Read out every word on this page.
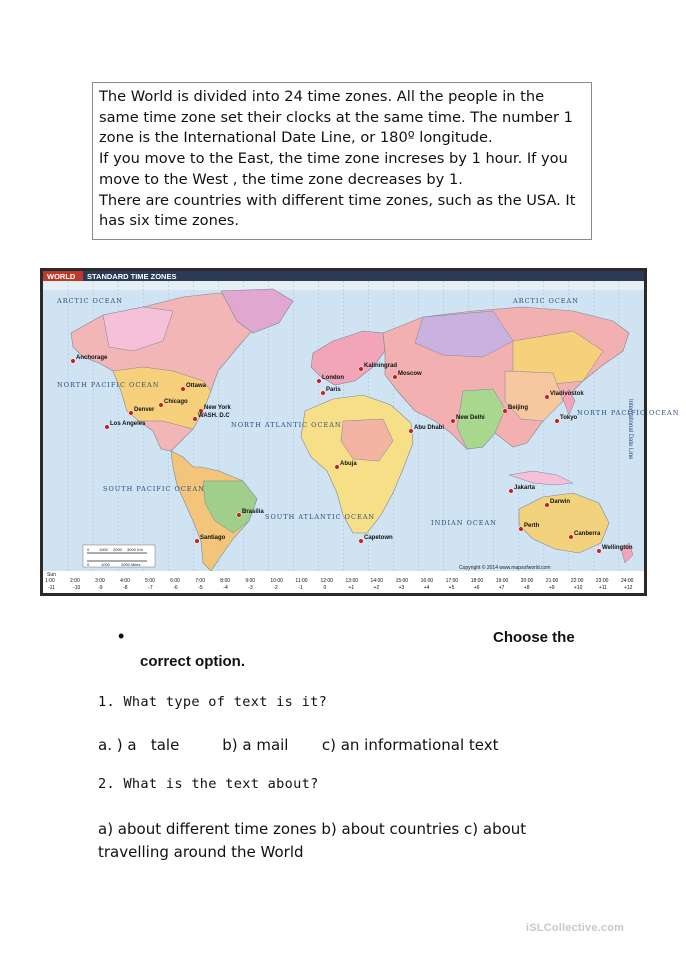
The World is divided into 24 time zones. All the people in the same time zone set their clocks at the same time. The number 1 zone is the International Date Line, or 180º longitude.

If you move to the East, the time zone increses by 1 hour. If you move to the West , the time zone decreases by 1.

There are countries with different time zones, such as the USA. It has six time zones.

WORLD STANDARD TIME ZONES
ARCTIC OCEAN	ARCTIC OCEAN
NORTH PACIFIC OCEAN
NORTH PACIFIC OCEAN
NORTH ATLANTIC OCEAN
SOUTH PACIFIC OCEAN
SOUTH ATLANTIC OCEAN
INDIAN OCEAN
International Date Line
Anchorage
Ottawa
Chicago
Denver	New York
WASH. D.C
Los Angeles
London
Paris
Kaliningrad
Moscow
Abuja
Abu Dhabi
New Delhi
Beijing
Tokyo
Vladivostok
Jakarta
Darwin
Perth
Canberra
Wellington
Brasilia
Santiago	Capetown
0 1000 2000 3000 Km
0	1000	2000 Miles
Copyright © 2014 www.mapsofworld.com
Sun
1:00
-11
2:00
-10
3:00
-9
4:00
-8
5:00
-7
6:00
-6
7:00
-5
8:00
-4
9:00
-3
10:00
-2
11:00
-1
12:00
0
13:00
+1
14:00
+2
15:00
+3
16:00
+4
17:00
+5
18:00
+6
19:00
+7
20:00
+8
21:00
+9
22:00
+10
23:00
+11
24:00
+12
•	Choose the
correct option.
1. What type of text is it?
a. ) a   tale         b) a mail       c) an informational text
2. What is the text about?
a) about different time zones b) about countries c) about travelling around the World
iSLCollective.com
